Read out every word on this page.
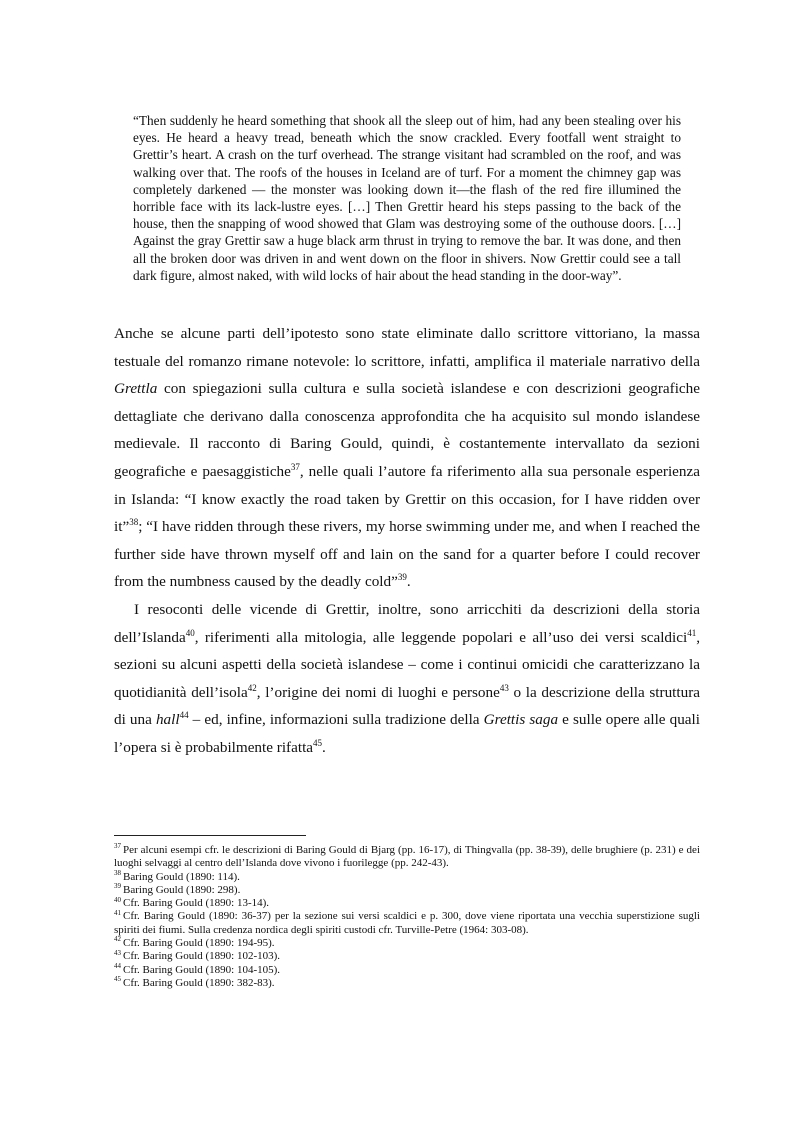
“Then suddenly he heard something that shook all the sleep out of him, had any been stealing over his eyes. He heard a heavy tread, beneath which the snow crackled. Every footfall went straight to Grettir’s heart. A crash on the turf overhead. The strange visitant had scrambled on the roof, and was walking over that. The roofs of the houses in Iceland are of turf. For a moment the chimney gap was completely darkened — the monster was looking down it—the flash of the red fire illumined the horrible face with its lack-lustre eyes. […] Then Grettir heard his steps passing to the back of the house, then the snapping of wood showed that Glam was destroying some of the outhouse doors. […] Against the gray Grettir saw a huge black arm thrust in trying to remove the bar. It was done, and then all the broken door was driven in and went down on the floor in shivers. Now Grettir could see a tall dark figure, almost naked, with wild locks of hair about the head standing in the door-way”.

Anche se alcune parti dell’ipotesto sono state eliminate dallo scrittore vittoriano, la massa testuale del romanzo rimane notevole: lo scrittore, infatti, amplifica il materiale narrativo della Grettla con spiegazioni sulla cultura e sulla società islandese e con descrizioni geografiche dettagliate che derivano dalla conoscenza approfondita che ha acquisito sul mondo islandese medievale. Il racconto di Baring Gould, quindi, è costantemente intervallato da sezioni geografiche e paesaggistiche$^{37}$, nelle quali l’autore fa riferimento alla sua personale esperienza in Islanda: “I know exactly the road taken by Grettir on this occasion, for I have ridden over it”$^{38}$; “I have ridden through these rivers, my horse swimming under me, and when I reached the further side have thrown myself off and lain on the sand for a quarter before I could recover from the numbness caused by the deadly cold”$^{39}$.

I resoconti delle vicende di Grettir, inoltre, sono arricchiti da descrizioni della storia dell’Islanda$^{40}$, riferimenti alla mitologia, alle leggende popolari e all’uso dei versi scaldici$^{41}$, sezioni su alcuni aspetti della società islandese – come i continui omicidi che caratterizzano la quotidianità dell’isola$^{42}$, l’origine dei nomi di luoghi e persone$^{43}$ o la descrizione della struttura di una hall$^{44}$ – ed, infine, informazioni sulla tradizione della Grettis saga e sulle opere alle quali l’opera si è probabilmente rifatta$^{45}$.

$^{37}$ Per alcuni esempi cfr. le descrizioni di Baring Gould di Bjarg (pp. 16-17), di Thingvalla (pp. 38-39), delle brughiere (p. 231) e dei luoghi selvaggi al centro dell’Islanda dove vivono i fuorilegge (pp. 242-43).

$^{38}$ Baring Gould (1890: 114).

$^{39}$ Baring Gould (1890: 298).

$^{40}$ Cfr. Baring Gould (1890: 13-14).

$^{41}$ Cfr. Baring Gould (1890: 36-37) per la sezione sui versi scaldici e p. 300, dove viene riportata una vecchia superstizione sugli spiriti dei fiumi. Sulla credenza nordica degli spiriti custodi cfr. Turville-Petre (1964: 303-08).

$^{42}$ Cfr. Baring Gould (1890: 194-95).

$^{43}$ Cfr. Baring Gould (1890: 102-103).

$^{44}$ Cfr. Baring Gould (1890: 104-105).

$^{45}$ Cfr. Baring Gould (1890: 382-83).
